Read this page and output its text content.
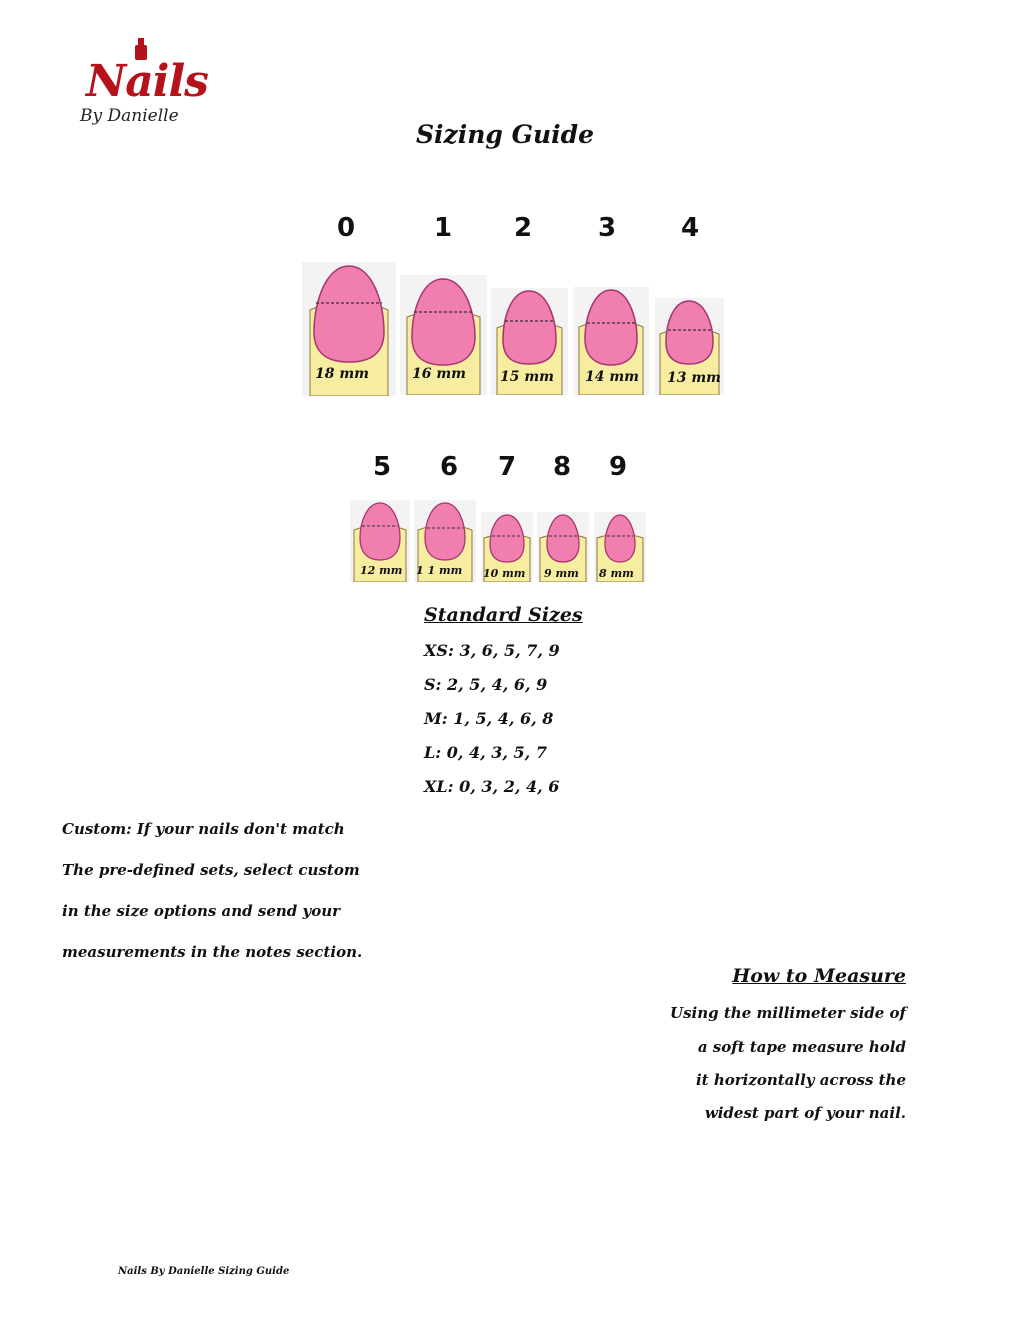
Nails
By Danielle
Sizing Guide
0	1	2	3	4
18 mm	16 mm 15 mm 14 mm 13 mm
5	6	7	8	9
12 mm 1 1 mm 10 mm 9 mm 8 mm
Standard Sizes
XS: 3, 6, 5, 7, 9
S: 2, 5, 4, 6, 9
M: 1, 5, 4, 6, 8
L: 0, 4, 3, 5, 7
XL: 0, 3, 2, 4, 6
Custom: If your nails don't match
The pre-defined sets, select custom
in the size options and send your
measurements in the notes section.
How to Measure
Using the millimeter side of
a soft tape measure hold
it horizontally across the
widest part of your nail.
Nails By Danielle Sizing Guide
